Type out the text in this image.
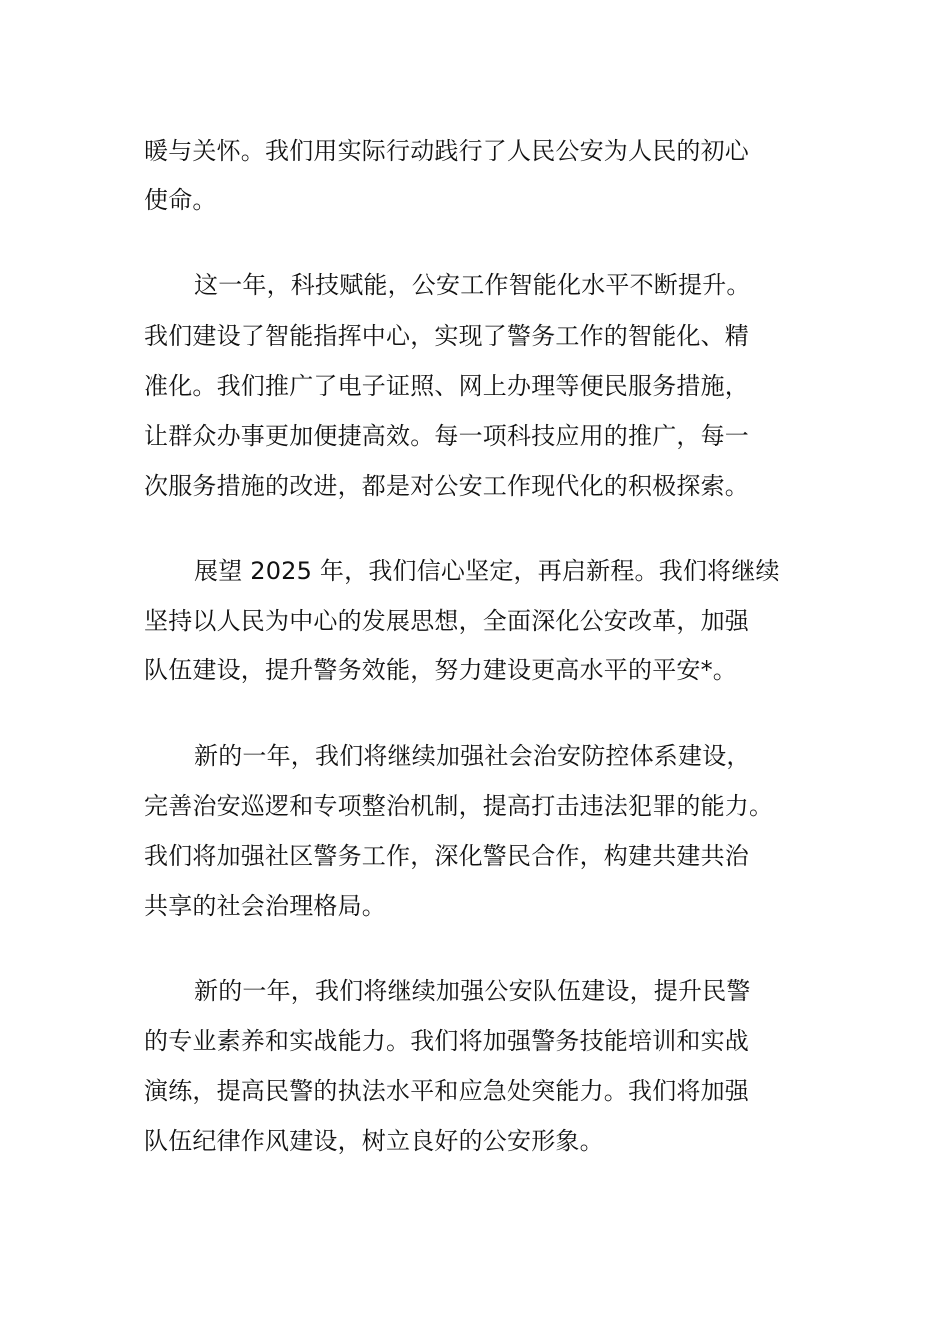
暖与关怀。我们用实际行动践行了人民公安为人民的初心

使命。

这一年，科技赋能，公安工作智能化水平不断提升。

我们建设了智能指挥中心，实现了警务工作的智能化、精

准化。我们推广了电子证照、网上办理等便民服务措施，

让群众办事更加便捷高效。每一项科技应用的推广，每一

次服务措施的改进，都是对公安工作现代化的积极探索。

展望 2025 年，我们信心坚定，再启新程。我们将继续

坚持以人民为中心的发展思想，全面深化公安改革，加强

队伍建设，提升警务效能，努力建设更高水平的平安*。

新的一年，我们将继续加强社会治安防控体系建设，

完善治安巡逻和专项整治机制，提高打击违法犯罪的能力。

我们将加强社区警务工作，深化警民合作，构建共建共治

共享的社会治理格局。

新的一年，我们将继续加强公安队伍建设，提升民警

的专业素养和实战能力。我们将加强警务技能培训和实战

演练，提高民警的执法水平和应急处突能力。我们将加强

队伍纪律作风建设，树立良好的公安形象。
